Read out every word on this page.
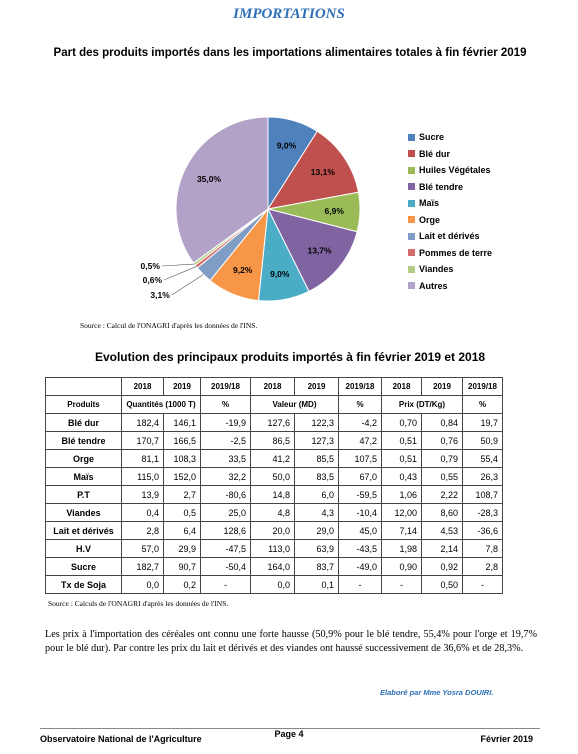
IMPORTATIONS
Part des produits importés dans les importations alimentaires totales à fin février 2019
9,0%
13,1%
6,9%
13,7%
9,0%
9,2%
3,1%
0,6%
0,5%
35,0%
Sucre
Blé dur
Huiles Végétales
Blé tendre
Maïs
Orge
Lait et dérivés
Pommes de terre
Viandes
Autres
Source : Calcul de l'ONAGRI d'après les données de l'INS.
Evolution des principaux produits importés à fin février 2019 et 2018
	2018	2019	2019/18	2018	2019	2019/18	2018	2019	2019/18
Produits	Quantités (1000 T)		%	Valeur (MD)		%	Prix (DT/Kg)		%
Blé dur	182,4	146,1	-19,9	127,6	122,3	-4,2	0,70	0,84	19,7
Blé tendre	170,7	166,5	-2,5	86,5	127,3	47,2	0,51	0,76	50,9
Orge	81,1	108,3	33,5	41,2	85,5	107,5	0,51	0,79	55,4
Maïs	115,0	152,0	32,2	50,0	83,5	67,0	0,43	0,55	26,3
P.T	13,9	2,7	-80,6	14,8	6,0	-59,5	1,06	2,22	108,7
Viandes	0,4	0,5	25,0	4,8	4,3	-10,4	12,00	8,60	-28,3
Lait et dérivés	2,8	6,4	128,6	20,0	29,0	45,0	7,14	4,53	-36,6
H.V	57,0	29,9	-47,5	113,0	63,9	-43,5	1,98	2,14	7,8
Sucre	182,7	90,7	-50,4	164,0	83,7	-49,0	0,90	0,92	2,8
Tx de Soja	0,0	0,2	-	0,0	0,1	-	-	0,50	-
Source : Calculs de l'ONAGRI d'après les données de l'INS.
Les prix à l'importation des céréales ont connu une forte hausse (50,9% pour le blé tendre, 55,4% pour l'orge et 19,7% pour le blé dur). Par contre les prix du lait et dérivés et des viandes ont haussé successivement de 36,6% et de 28,3%.
Elaboré par Mme Yosra DOUIRI.
Observatoire National de l'Agriculture	Page 4	Février 2019
